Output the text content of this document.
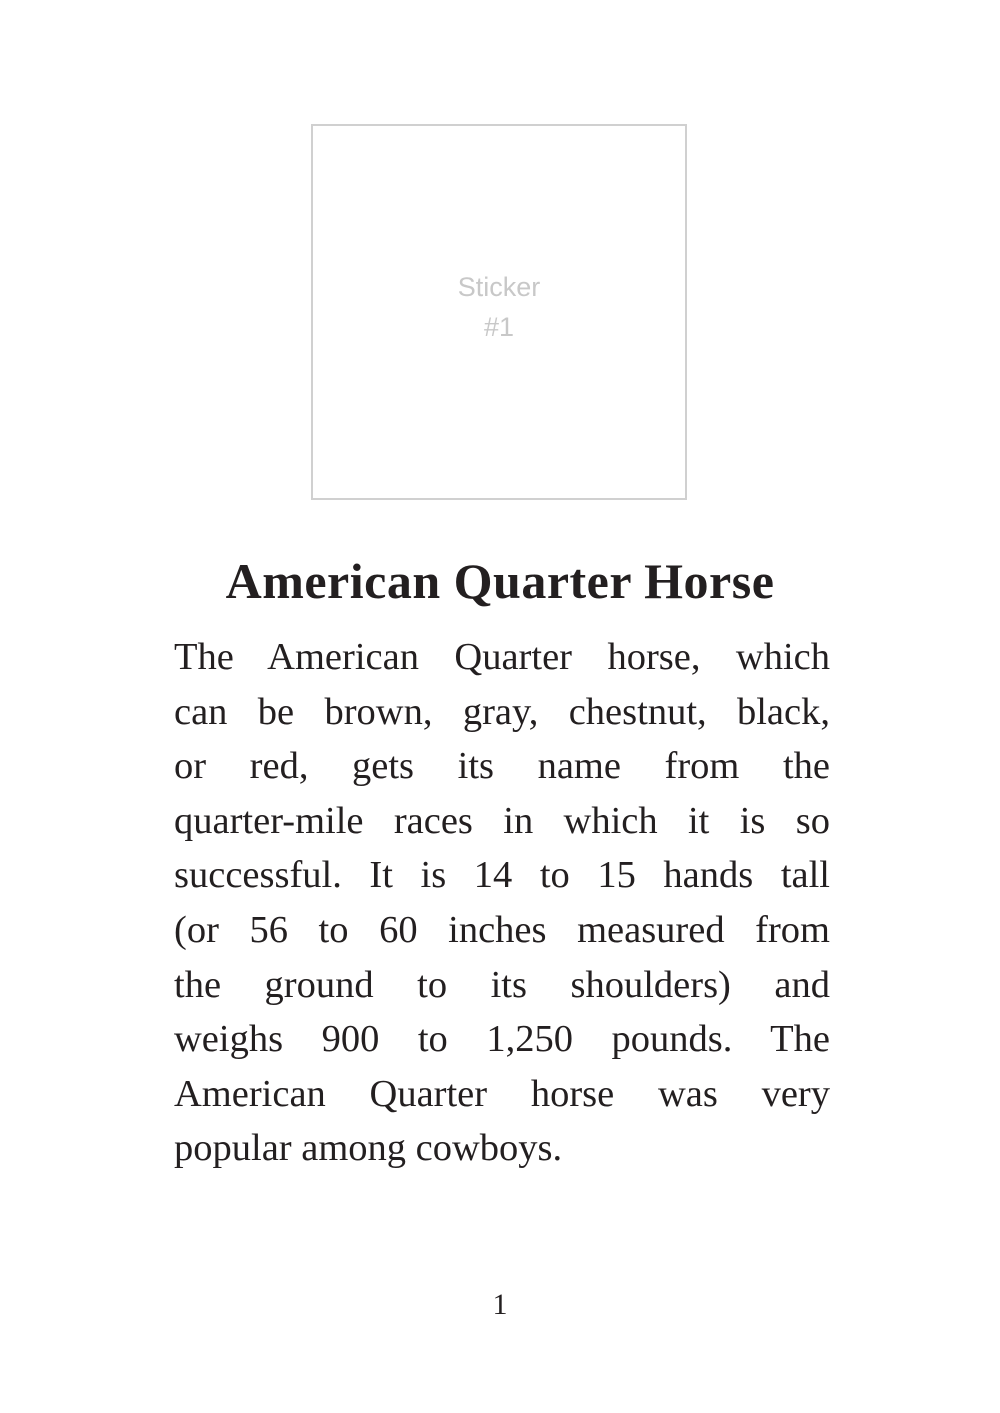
Sticker
#1
American Quarter Horse
The American Quarter horse, which
can be brown, gray, chestnut, black,
or red, gets its name from the
quarter-mile races in which it is so
successful. It is 14 to 15 hands tall
(or 56 to 60 inches measured from
the ground to its shoulders) and
weighs 900 to 1,250 pounds. The
American Quarter horse was very
popular among cowboys.
1
